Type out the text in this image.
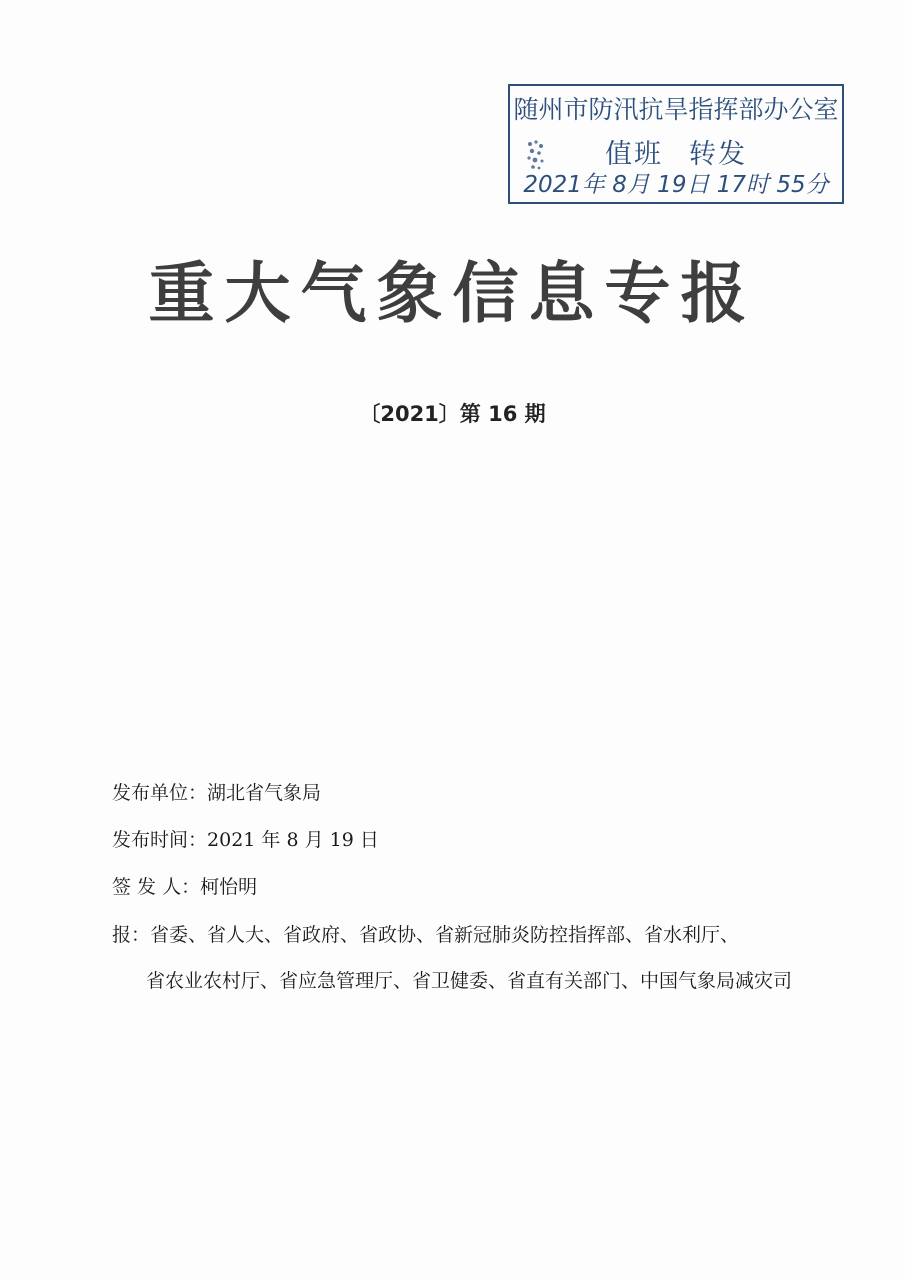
随州市防汛抗旱指挥部办公室
值班 转发
2021年 8月 19日 17时 55分
重大气象信息专报
〔2021〕第 16 期
发布单位：湖北省气象局
发布时间：2021 年 8 月 19 日
签 发 人：柯怡明
报：省委、省人大、省政府、省政协、省新冠肺炎防控指挥部、省水利厅、
省农业农村厅、省应急管理厅、省卫健委、省直有关部门、中国气象局减灾司
